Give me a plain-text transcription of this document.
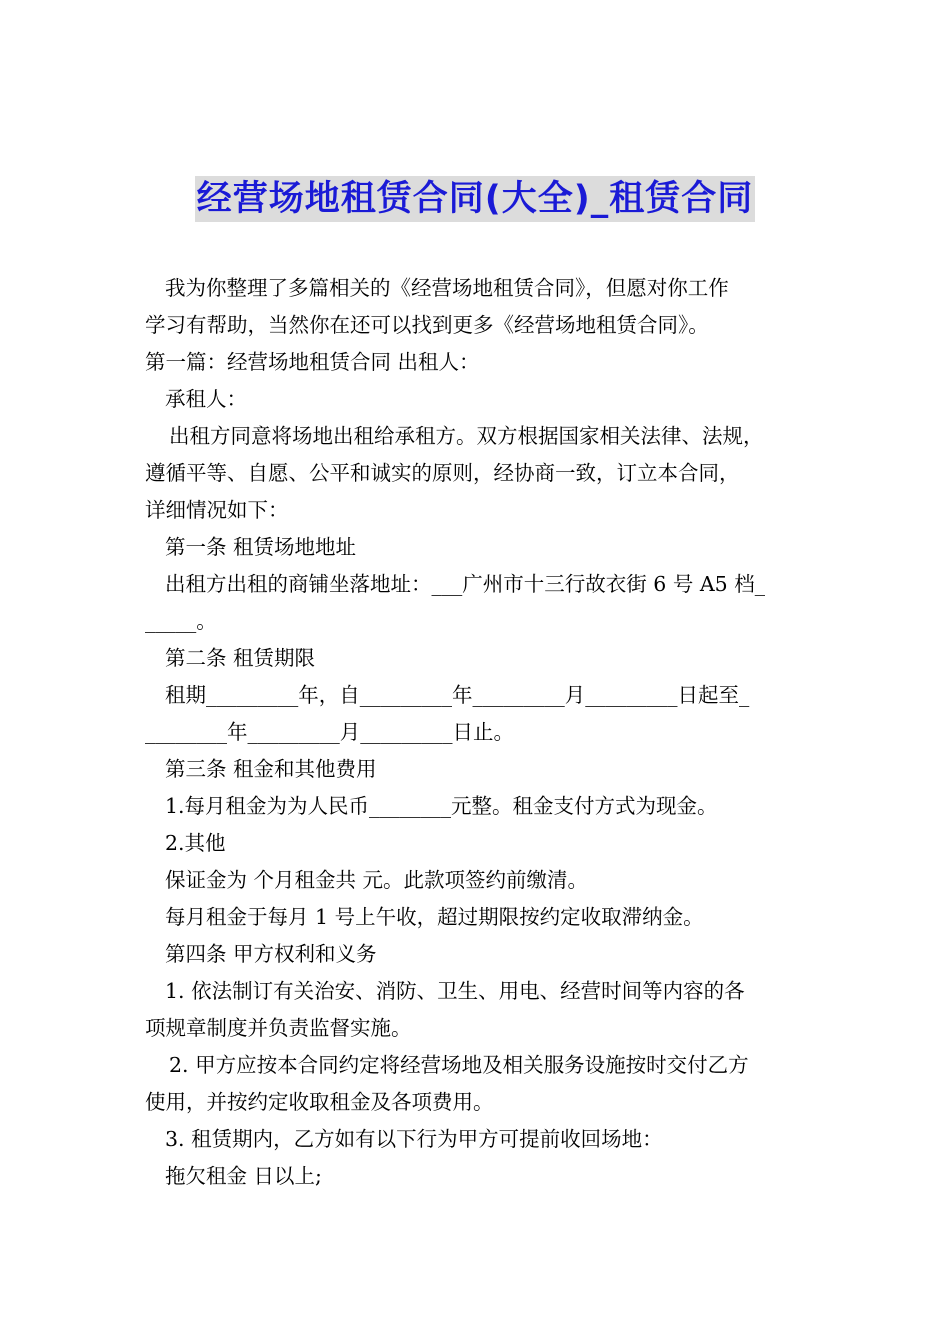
经营场地租赁合同(大全)_租赁合同

我为你整理了多篇相关的《经营场地租赁合同》，但愿对你工作

学习有帮助，当然你在还可以找到更多《经营场地租赁合同》。

第一篇：经营场地租赁合同 出租人：

承租人：

出租方同意将场地出租给承租方。双方根据国家相关法律、法规，

遵循平等、自愿、公平和诚实的原则，经协商一致，订立本合同，

详细情况如下：

第一条 租赁场地地址

出租方出租的商铺坐落地址：___广州市十三行故衣街 6 号 A5 档_

_____。

第二条 租赁期限

租期_________年，自_________年_________月_________日起至_

________年_________月_________日止。

第三条 租金和其他费用

1.每月租金为为人民币________元整。租金支付方式为现金。

2.其他

保证金为 个月租金共 元。此款项签约前缴清。

每月租金于每月 1 号上午收，超过期限按约定收取滞纳金。

第四条 甲方权利和义务

1. 依法制订有关治安、消防、卫生、用电、经营时间等内容的各

项规章制度并负责监督实施。

2. 甲方应按本合同约定将经营场地及相关服务设施按时交付乙方

使用，并按约定收取租金及各项费用。

3. 租赁期内，乙方如有以下行为甲方可提前收回场地：

拖欠租金 日以上;
